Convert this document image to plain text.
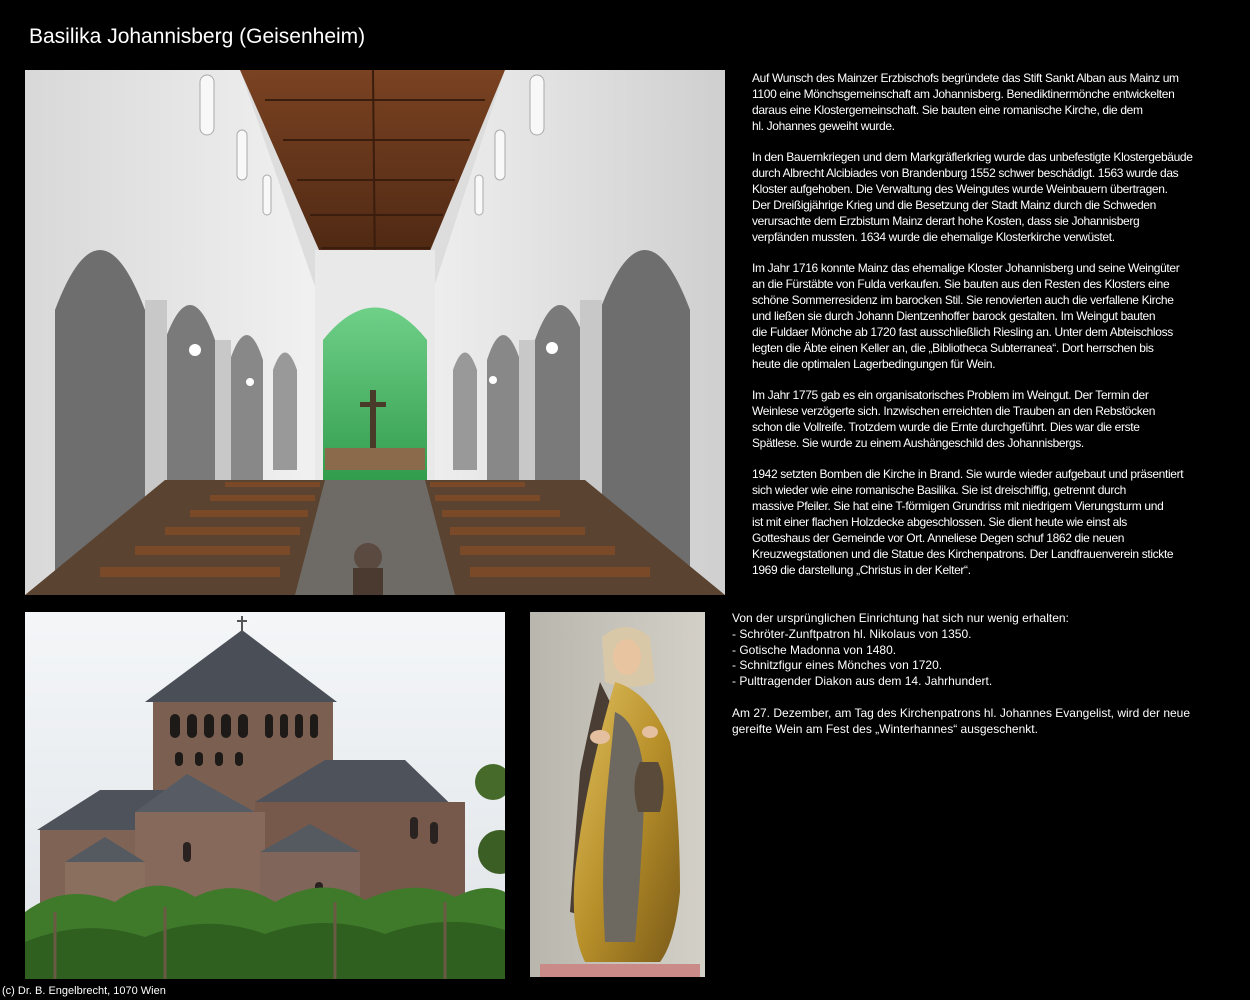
Basilika Johannisberg (Geisenheim)

Auf Wunsch des Mainzer Erzbischofs begründete das Stift Sankt Alban aus Mainz um
1100 eine Mönchsgemeinschaft am Johannisberg. Benediktinermönche entwickelten
daraus eine Klostergemeinschaft. Sie bauten eine romanische Kirche, die dem
hl. Johannes geweiht wurde.

In den Bauernkriegen und dem Markgräflerkrieg wurde das unbefestigte Klostergebäude
durch Albrecht Alcibiades von Brandenburg 1552 schwer beschädigt. 1563 wurde das
Kloster aufgehoben. Die Verwaltung des Weingutes wurde Weinbauern übertragen.
Der Dreißigjährige Krieg und die Besetzung der Stadt Mainz durch die Schweden
verursachte dem Erzbistum Mainz derart hohe Kosten, dass sie Johannisberg
verpfänden mussten. 1634 wurde die ehemalige Klosterkirche verwüstet.

Im Jahr 1716 konnte Mainz das ehemalige Kloster Johannisberg und seine Weingüter
an die Fürstäbte von Fulda verkaufen. Sie bauten aus den Resten des Klosters eine
schöne Sommerresidenz im barocken Stil. Sie renovierten auch die verfallene Kirche
und ließen sie durch Johann Dientzenhoffer barock gestalten. Im Weingut bauten
die Fuldaer Mönche ab 1720 fast ausschließlich Riesling an. Unter dem Abteischloss
legten die Äbte einen Keller an, die „Bibliotheca Subterranea“. Dort herrschen bis
heute die optimalen Lagerbedingungen für Wein.

Im Jahr 1775 gab es ein organisatorisches Problem im Weingut. Der Termin der
Weinlese verzögerte sich. Inzwischen erreichten die Trauben an den Rebstöcken
schon die Vollreife. Trotzdem wurde die Ernte durchgeführt. Dies war die erste
Spätlese. Sie wurde zu einem Aushängeschild des Johannisbergs.

1942 setzten Bomben die Kirche in Brand. Sie wurde wieder aufgebaut und präsentiert
sich wieder wie eine romanische Basilika. Sie ist dreischiffig, getrennt durch
massive Pfeiler. Sie hat eine T-förmigen Grundriss mit niedrigem Vierungsturm und
ist mit einer flachen Holzdecke abgeschlossen. Sie dient heute wie einst als
Gotteshaus der Gemeinde vor Ort. Anneliese Degen schuf 1862 die neuen
Kreuzwegstationen und die Statue des Kirchenpatrons. Der Landfrauenverein stickte
1969 die darstellung „Christus in der Kelter“.

Von der ursprünglichen Einrichtung hat sich nur wenig erhalten:
- Schröter-Zunftpatron hl. Nikolaus von 1350.
- Gotische Madonna von 1480.
- Schnitzfigur eines Mönches von 1720.
- Pulttragender Diakon aus dem 14. Jahrhundert.

Am 27. Dezember, am Tag des Kirchenpatrons hl. Johannes Evangelist, wird der neue
gereifte Wein am Fest des „Winterhannes“ ausgeschenkt.

(c) Dr. B. Engelbrecht, 1070 Wien
